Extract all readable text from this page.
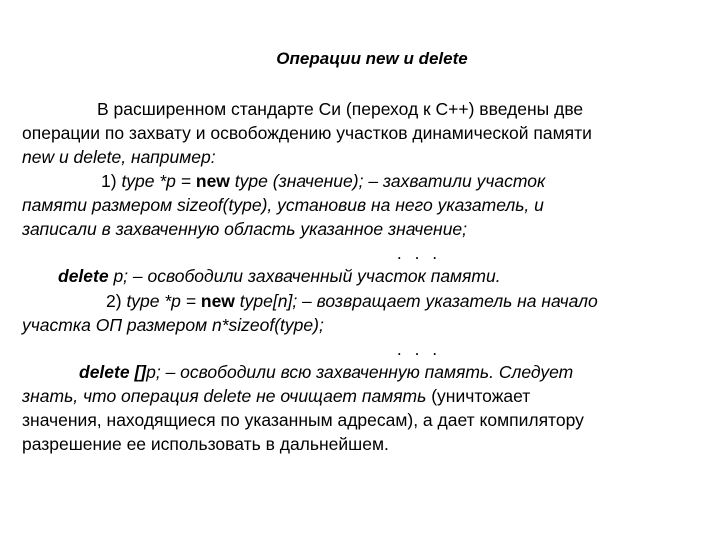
Операции new и delete
В расширенном стандарте Си (переход к С++) введены две
операции по захвату и освобождению участков динамической памяти
new и delete, например:
1) type *p = new type (значение); – захватили участок
памяти размером sizeof(type), установив на него указатель, и
записали в захваченную область указанное значение;
. . .
delete p; – освободили захваченный участок памяти.
2) type *p = new type[n]; – возвращает указатель на начало
участка ОП размером n*sizeof(type);
. . .
delete []p; – освободили всю захваченную память. Следует
знать, что операция delete не очищает память (уничтожает
значения, находящиеся по указанным адресам), а дает компилятору
разрешение ее использовать в дальнейшем.
